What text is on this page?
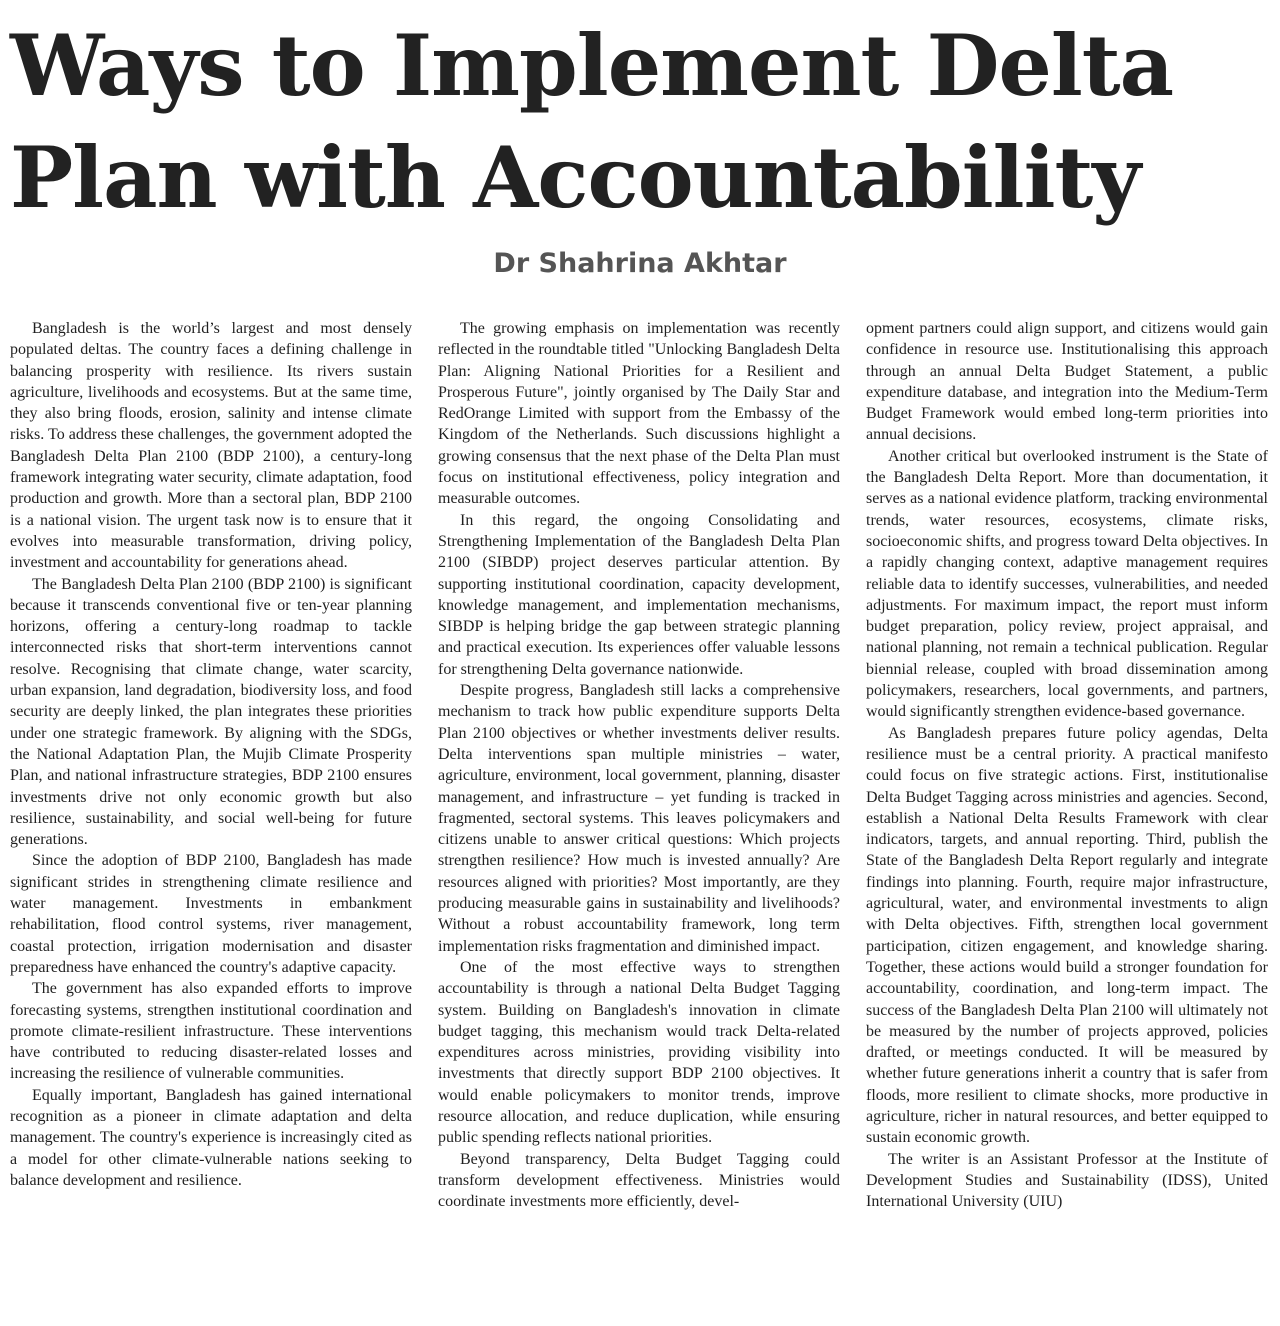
Ways to Implement Delta
Plan with Accountability
Dr Shahrina Akhtar

Bangladesh is the world’s largest and most densely populated deltas. The country faces a defining challenge in balancing prosperity with resilience. Its rivers sustain agriculture, livelihoods and ecosystems. But at the same time, they also bring floods, erosion, salinity and intense climate risks. To address these challenges, the government adopted the Bangladesh Delta Plan 2100 (BDP 2100), a century-long framework integrating water security, climate adaptation, food production and growth. More than a sectoral plan, BDP 2100 is a national vision. The urgent task now is to ensure that it evolves into measurable transformation, driving policy, investment and accountability for generations ahead.

The Bangladesh Delta Plan 2100 (BDP 2100) is significant because it transcends conventional five or ten-year planning horizons, offering a century-long roadmap to tackle interconnected risks that short-term interventions cannot resolve. Recognising that climate change, water scarcity, urban expansion, land degradation, biodiversity loss, and food security are deeply linked, the plan integrates these priorities under one strategic framework. By aligning with the SDGs, the National Adaptation Plan, the Mujib Climate Prosperity Plan, and national infrastructure strategies, BDP 2100 ensures investments drive not only economic growth but also resilience, sustainability, and social well-being for future generations.

Since the adoption of BDP 2100, Bangladesh has made significant strides in strengthening climate resilience and water management. Investments in embankment rehabilitation, flood control systems, river management, coastal protection, irrigation modernisation and disaster preparedness have enhanced the country's adaptive capacity.

The government has also expanded efforts to improve forecasting systems, strengthen institutional coordination and promote climate-resilient infrastructure. These interventions have contributed to reducing disaster-related losses and increasing the resilience of vulnerable communities.

Equally important, Bangladesh has gained international recognition as a pioneer in climate adaptation and delta management. The country's experience is increasingly cited as a model for other climate-vulnerable nations seeking to balance development and resilience.

The growing emphasis on implementation was recently reflected in the roundtable titled "Unlocking Bangladesh Delta Plan: Aligning National Priorities for a Resilient and Prosperous Future", jointly organised by The Daily Star and RedOrange Limited with support from the Embassy of the Kingdom of the Netherlands. Such discussions highlight a growing consensus that the next phase of the Delta Plan must focus on institutional effectiveness, policy integration and measurable outcomes.

In this regard, the ongoing Consolidating and Strengthening Implementation of the Bangladesh Delta Plan 2100 (SIBDP) project deserves particular attention. By supporting institutional coordination, capacity development, knowledge management, and implementation mechanisms, SIBDP is helping bridge the gap between strategic planning and practical execution. Its experiences offer valuable lessons for strengthening Delta governance nationwide.

Despite progress, Bangladesh still lacks a comprehensive mechanism to track how public expenditure supports Delta Plan 2100 objectives or whether investments deliver results. Delta interventions span multiple ministries – water, agriculture, environment, local government, planning, disaster management, and infrastructure – yet funding is tracked in fragmented, sectoral systems. This leaves policymakers and citizens unable to answer critical questions: Which projects strengthen resilience? How much is invested annually? Are resources aligned with priorities? Most importantly, are they producing measurable gains in sustainability and livelihoods? Without a robust accountability framework, long term implementation risks fragmentation and diminished impact.

One of the most effective ways to strengthen accountability is through a national Delta Budget Tagging system. Building on Bangladesh's innovation in climate budget tagging, this mechanism would track Delta-related expenditures across ministries, providing visibility into investments that directly support BDP 2100 objectives. It would enable policymakers to monitor trends, improve resource allocation, and reduce duplication, while ensuring public spending reflects national priorities.

Beyond transparency, Delta Budget Tagging could transform development effectiveness. Ministries would coordinate investments more efficiently, devel-

opment partners could align support, and citizens would gain confidence in resource use. Institutionalising this approach through an annual Delta Budget Statement, a public expenditure database, and integration into the Medium-Term Budget Framework would embed long-term priorities into annual decisions.

Another critical but overlooked instrument is the State of the Bangladesh Delta Report. More than documentation, it serves as a national evidence platform, tracking environmental trends, water resources, ecosystems, climate risks, socioeconomic shifts, and progress toward Delta objectives. In a rapidly changing context, adaptive management requires reliable data to identify successes, vulnerabilities, and needed adjustments. For maximum impact, the report must inform budget preparation, policy review, project appraisal, and national planning, not remain a technical publication. Regular biennial release, coupled with broad dissemination among policymakers, researchers, local governments, and partners, would significantly strengthen evidence-based governance.

As Bangladesh prepares future policy agendas, Delta resilience must be a central priority. A practical manifesto could focus on five strategic actions. First, institutionalise Delta Budget Tagging across ministries and agencies. Second, establish a National Delta Results Framework with clear indicators, targets, and annual reporting. Third, publish the State of the Bangladesh Delta Report regularly and integrate findings into planning. Fourth, require major infrastructure, agricultural, water, and environmental investments to align with Delta objectives. Fifth, strengthen local government participation, citizen engagement, and knowledge sharing. Together, these actions would build a stronger foundation for accountability, coordination, and long-term impact. The success of the Bangladesh Delta Plan 2100 will ultimately not be measured by the number of projects approved, policies drafted, or meetings conducted. It will be measured by whether future generations inherit a country that is safer from floods, more resilient to climate shocks, more productive in agriculture, richer in natural resources, and better equipped to sustain economic growth.

The writer is an Assistant Professor at the Institute of Development Studies and Sustainability (IDSS), United International University (UIU)
